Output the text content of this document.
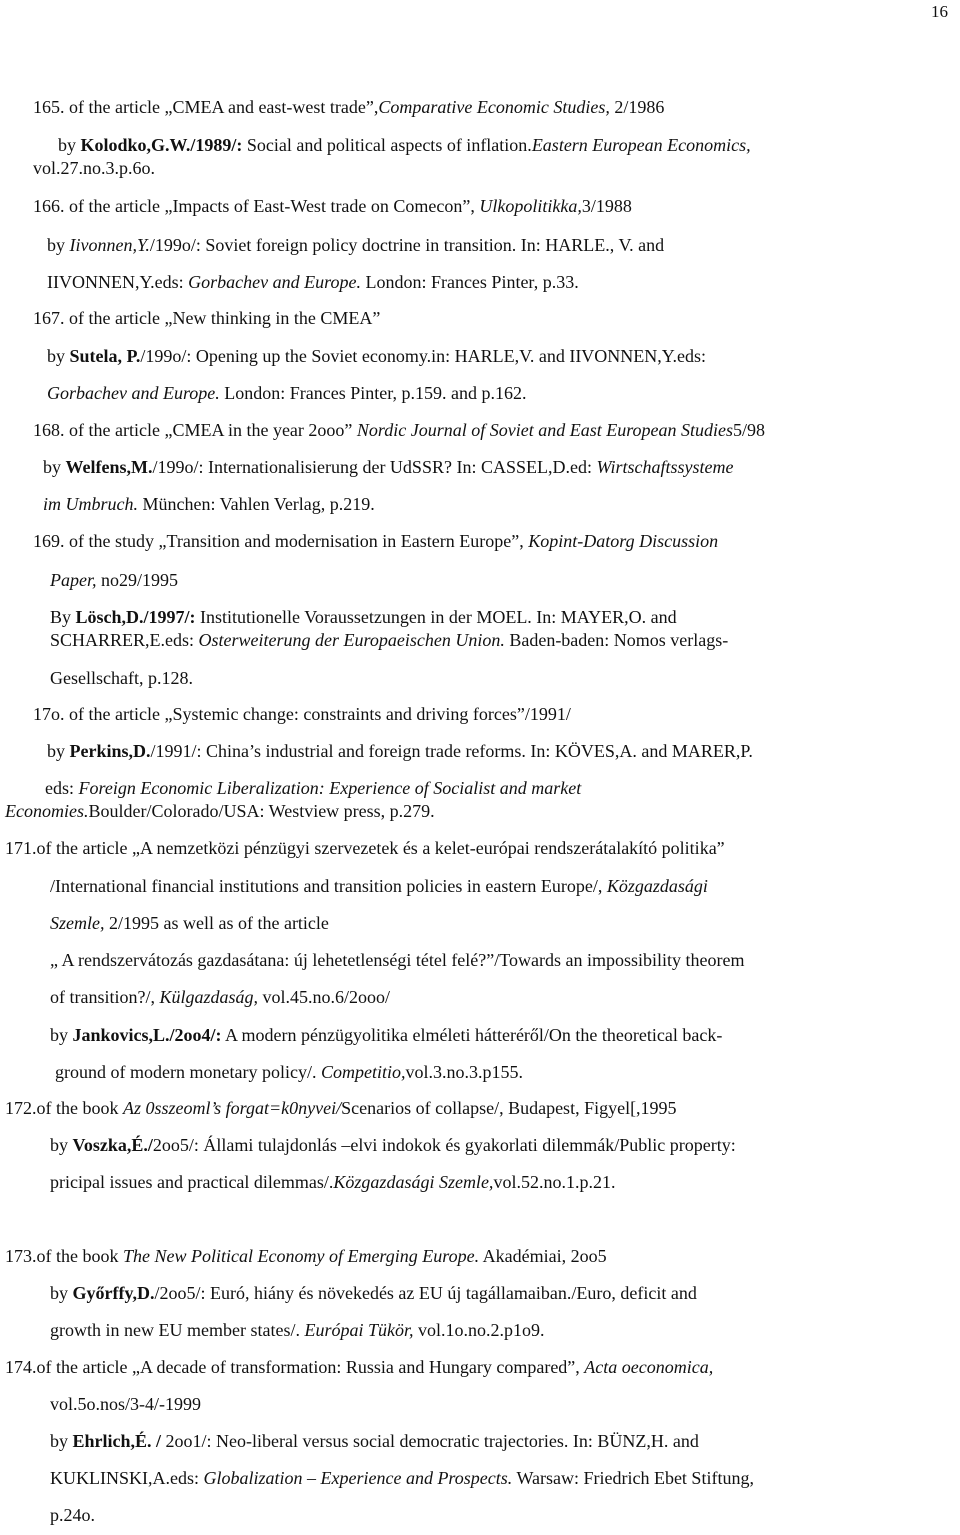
16
165. of the article „CMEA and east-west trade”,Comparative Economic Studies, 2/1986
by Kolodko,G.W./1989/: Social and political aspects of inflation.Eastern European Economics,
vol.27.no.3.p.6o.
166. of the article „Impacts of East-West trade on Comecon”, Ulkopolitikka,3/1988
by Iivonnen,Y./199o/: Soviet foreign policy doctrine in transition. In: HARLE., V. and
IIVONNEN,Y.eds: Gorbachev and Europe. London: Frances Pinter, p.33.
167. of the article „New thinking in the CMEA”
by Sutela, P./199o/: Opening up the Soviet economy.in: HARLE,V. and IIVONNEN,Y.eds:
Gorbachev and Europe. London: Frances Pinter, p.159. and p.162.
168. of the article „CMEA in the year 2ooo” Nordic Journal of Soviet and East European Studies5/98
by Welfens,M./199o/: Internationalisierung der UdSSR? In: CASSEL,D.ed: Wirtschaftssysteme
im Umbruch. München: Vahlen Verlag, p.219.
169. of the study „Transition and modernisation in Eastern Europe”, Kopint-Datorg Discussion
Paper, no29/1995
By Lösch,D./1997/: Institutionelle Voraussetzungen in der MOEL. In: MAYER,O. and
SCHARRER,E.eds: Osterweiterung der Europaeischen Union. Baden-baden: Nomos verlags-
Gesellschaft, p.128.
17o. of the article „Systemic change: constraints and driving forces”/1991/
by Perkins,D./1991/: China’s industrial and foreign trade reforms. In: KÖVES,A. and MARER,P.
eds: Foreign Economic Liberalization: Experience of Socialist and market
Economies.Boulder/Colorado/USA: Westview press, p.279.
171.of the article „A nemzetközi pénzügyi szervezetek és a kelet-európai rendszerátalakító politika”
/International financial institutions and transition policies in eastern Europe/, Közgazdasági
Szemle, 2/1995 as well as of the article
„ A rendszervátozás gazdasátana: új lehetetlenségi tétel felé?”/Towards an impossibility theorem
of transition?/, Külgazdaság, vol.45.no.6/2ooo/
by Jankovics,L./2oo4/: A modern pénzügyolitika elméleti hátteréről/On the theoretical back-
ground of modern monetary policy/. Competitio,vol.3.no.3.p155.
172.of the book Az 0sszeoml’s forgat=k0nyvei/Scenarios of collapse/, Budapest, Figyel[,1995
by Voszka,É./2oo5/: Állami tulajdonlás –elvi indokok és gyakorlati dilemmák/Public property:
pricipal issues and practical dilemmas/.Közgazdasági Szemle,vol.52.no.1.p.21.
173.of the book The New Political Economy of Emerging Europe. Akadémiai, 2oo5
by Győrffy,D./2oo5/: Euró, hiány és növekedés az EU új tagállamaiban./Euro, deficit and
growth in new EU member states/. Európai Tükör, vol.1o.no.2.p1o9.
174.of the article „A decade of transformation: Russia and Hungary compared”, Acta oeconomica,
vol.5o.nos/3-4/-1999
by Ehrlich,É. / 2oo1/: Neo-liberal versus social democratic trajectories. In: BÜNZ,H. and
KUKLINSKI,A.eds: Globalization – Experience and Prospects. Warsaw: Friedrich Ebet Stiftung,
p.24o.
